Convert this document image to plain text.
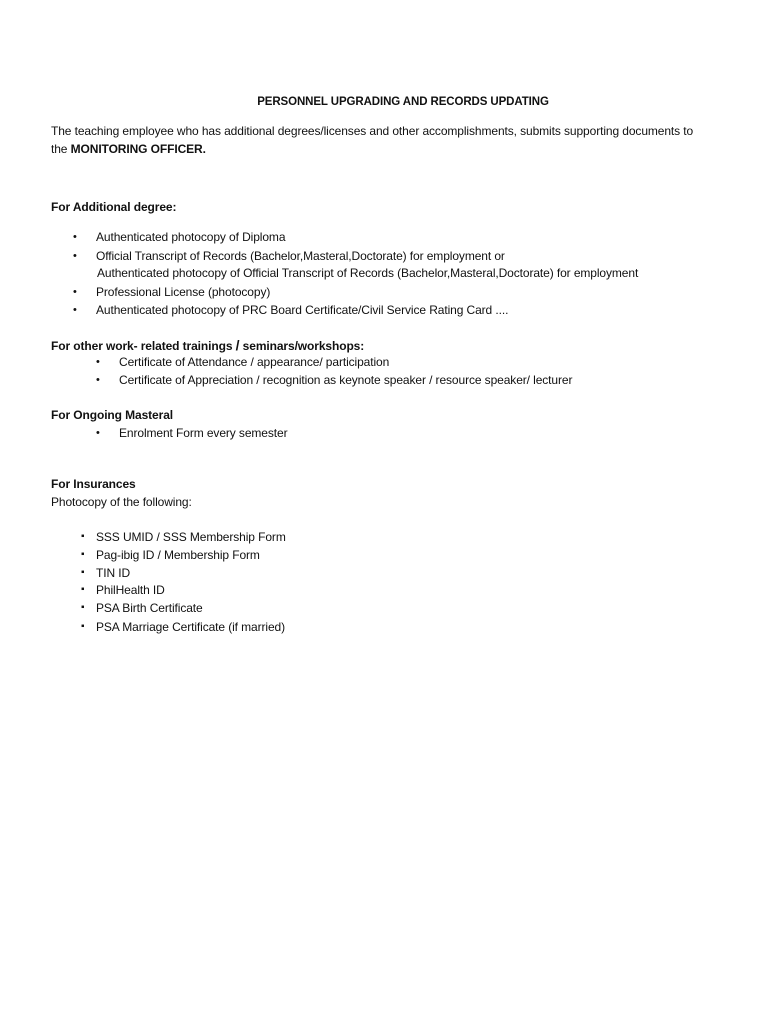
PERSONNEL UPGRADING AND RECORDS UPDATING
The teaching employee who has additional degrees/licenses and other accomplishments, submits supporting documents to
the MONITORING OFFICER.
For Additional degree:
• Authenticated photocopy of Diploma
• Official Transcript of Records (Bachelor,Masteral,Doctorate) for employment or
Authenticated photocopy of Official Transcript of Records (Bachelor,Masteral,Doctorate) for employment
• Professional License (photocopy)
• Authenticated photocopy of PRC Board Certificate/Civil Service Rating Card ....
For other work- related trainings / seminars/workshops:
• Certificate of Attendance / appearance/ participation
• Certificate of Appreciation / recognition as keynote speaker / resource speaker/ lecturer
For Ongoing Masteral
• Enrolment Form every semester
For Insurances
Photocopy of the following:
▪ SSS UMID / SSS Membership Form
▪ Pag-ibig ID / Membership Form
▪ TIN ID
▪ PhilHealth ID
▪ PSA Birth Certificate
▪ PSA Marriage Certificate (if married)
